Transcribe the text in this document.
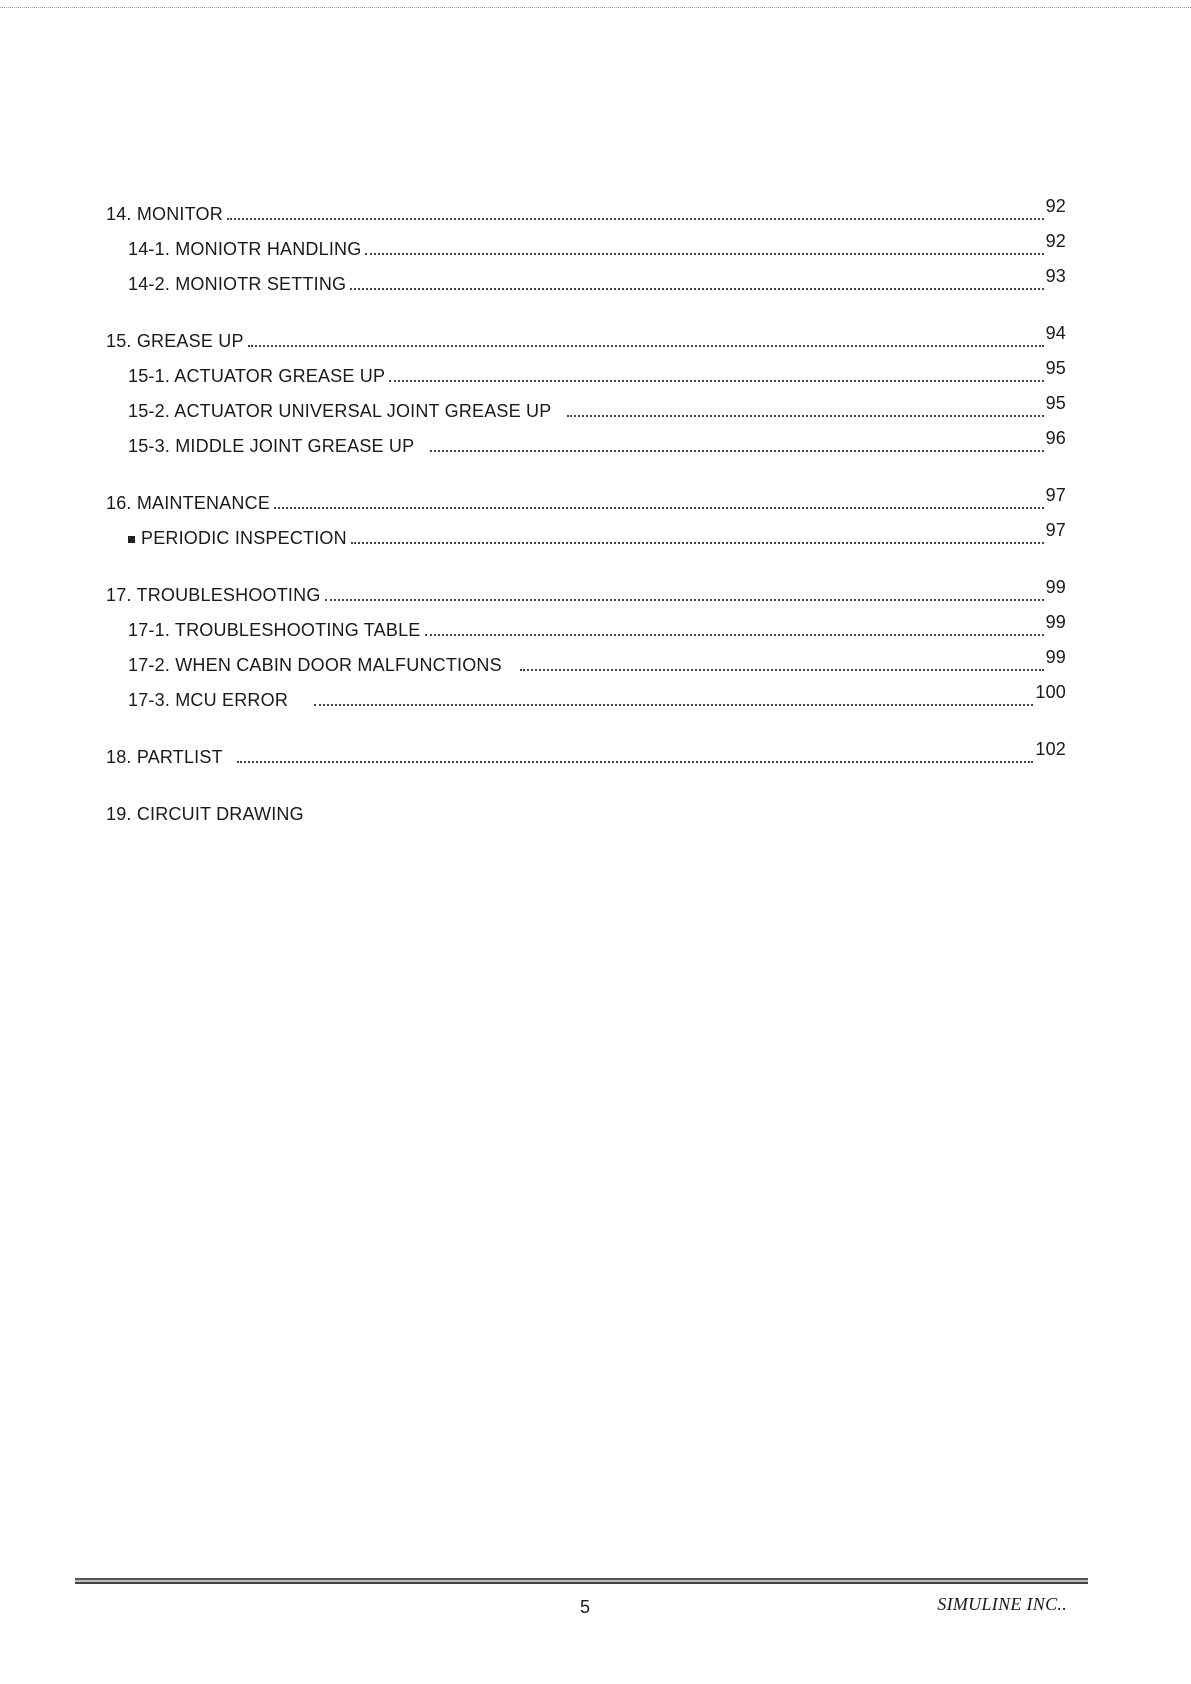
14. MONITOR	92
14-1. MONIOTR HANDLING	92
14-2. MONIOTR SETTING	93
15. GREASE UP	94
15-1. ACTUATOR GREASE UP	95
15-2. ACTUATOR UNIVERSAL JOINT GREASE UP	95
15-3. MIDDLE JOINT GREASE UP	96
16. MAINTENANCE	97
PERIODIC INSPECTION	97
17. TROUBLESHOOTING	99
17-1. TROUBLESHOOTING TABLE	99
17-2. WHEN CABIN DOOR MALFUNCTIONS	99
17-3. MCU ERROR	100
18. PARTLIST	102
19. CIRCUIT DRAWING
5	SIMULINE INC..
